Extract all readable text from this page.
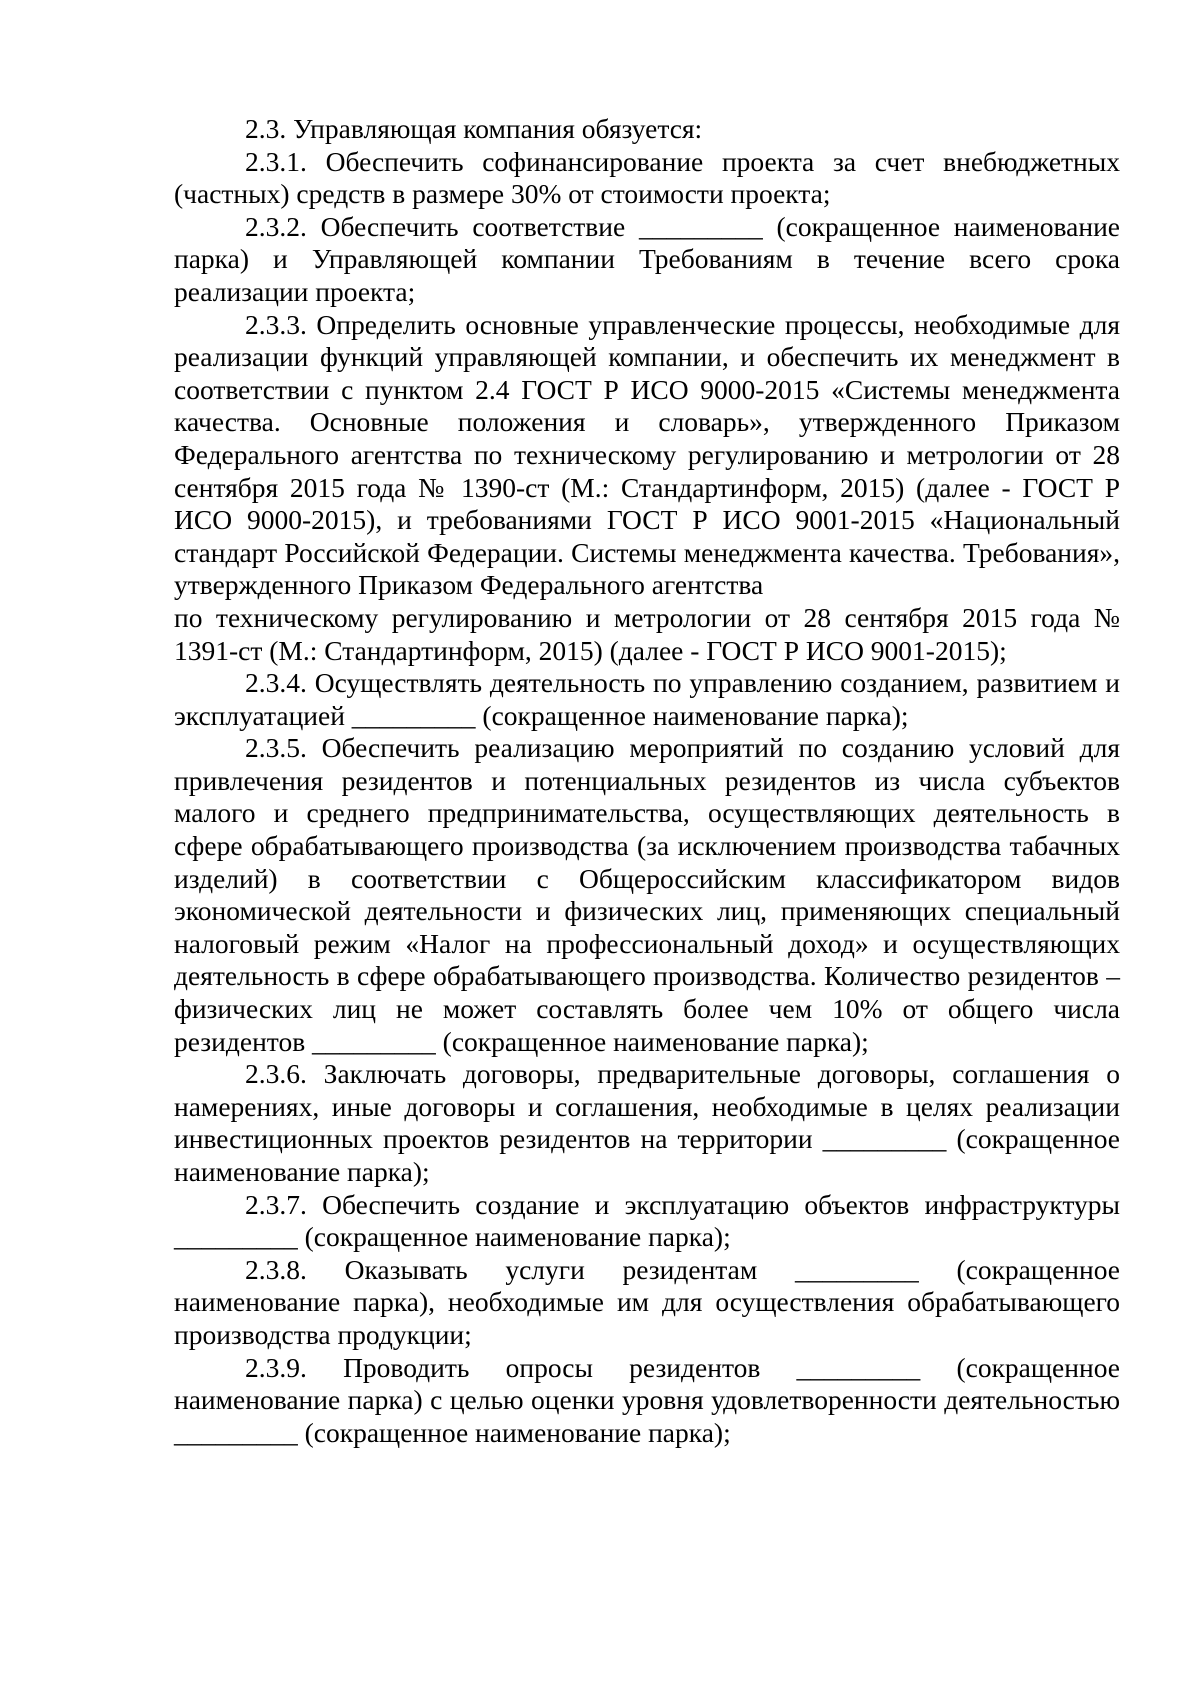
2.3. Управляющая компания обязуется:

2.3.1. Обеспечить софинансирование проекта за счет внебюджетных (частных) средств в размере 30% от стоимости проекта;

2.3.2. Обеспечить соответствие _________ (сокращенное наименование парка) и Управляющей компании Требованиям в течение всего срока реализации проекта;

2.3.3. Определить основные управленческие процессы, необходимые для реализации функций управляющей компании, и обеспечить их менеджмент в соответствии с пунктом 2.4 ГОСТ Р ИСО 9000-2015 «Системы менеджмента качества. Основные положения и словарь», утвержденного Приказом Федерального агентства по техническому регулированию и метрологии от 28 сентября 2015 года № 1390-ст (М.: Стандартинформ, 2015) (далее - ГОСТ Р ИСО 9000-2015), и требованиями ГОСТ Р ИСО 9001-2015 «Национальный стандарт Российской Федерации. Системы менеджмента качества. Требования», утвержденного Приказом Федерального агентства

по техническому регулированию и метрологии от 28 сентября 2015 года № 1391-ст (М.: Стандартинформ, 2015) (далее - ГОСТ Р ИСО 9001-2015);

2.3.4. Осуществлять деятельность по управлению созданием, развитием и эксплуатацией _________ (сокращенное наименование парка);

2.3.5. Обеспечить реализацию мероприятий по созданию условий для привлечения резидентов и потенциальных резидентов из числа субъектов малого и среднего предпринимательства, осуществляющих деятельность в сфере обрабатывающего производства (за исключением производства табачных изделий) в соответствии с Общероссийским классификатором видов экономической деятельности и физических лиц, применяющих специальный налоговый режим «Налог на профессиональный доход» и осуществляющих деятельность в сфере обрабатывающего производства. Количество резидентов – физических лиц не может составлять более чем 10% от общего числа резидентов _________ (сокращенное наименование парка);

2.3.6. Заключать договоры, предварительные договоры, соглашения о намерениях, иные договоры и соглашения, необходимые в целях реализации инвестиционных проектов резидентов на территории _________ (сокращенное наименование парка);

2.3.7. Обеспечить создание и эксплуатацию объектов инфраструктуры _________ (сокращенное наименование парка);

2.3.8. Оказывать услуги резидентам _________ (сокращенное наименование парка), необходимые им для осуществления обрабатывающего производства продукции;

2.3.9. Проводить опросы резидентов _________ (сокращенное наименование парка) с целью оценки уровня удовлетворенности деятельностью _________ (сокращенное наименование парка);
